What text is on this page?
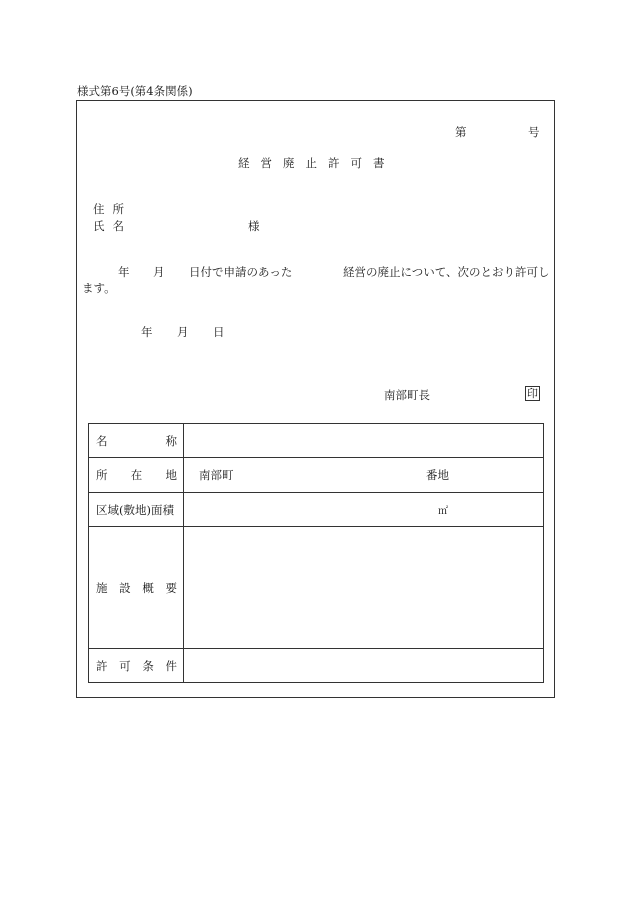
様式第6号(第4条関係)
第	号
経営廃止許可書
住所
氏名	様
年 月 日付で申請のあった	経営の廃止について、次のとおり許可し
ます。
年 月 日
南部町長	印
名 称	

所 在 地	南部町 番地

区域(敷地)面積	㎡

施 設 概 要	

許 可 条 件	
